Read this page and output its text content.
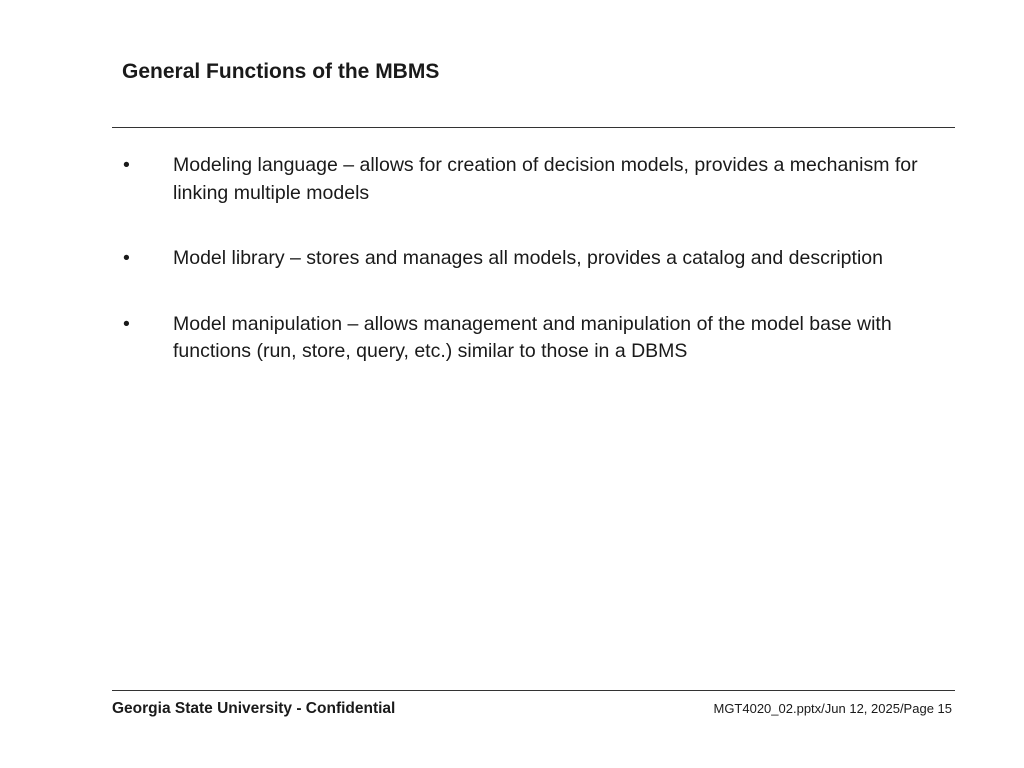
General Functions of the MBMS
• Modeling language – allows for creation of decision models, provides a mechanism for linking multiple models
• Model library – stores and manages all models, provides a catalog and description
• Model manipulation – allows management and manipulation of the model base with functions (run, store, query, etc.) similar to those in a DBMS
Georgia State University - Confidential	MGT4020_02.pptx/Jun 12, 2025/Page 15
